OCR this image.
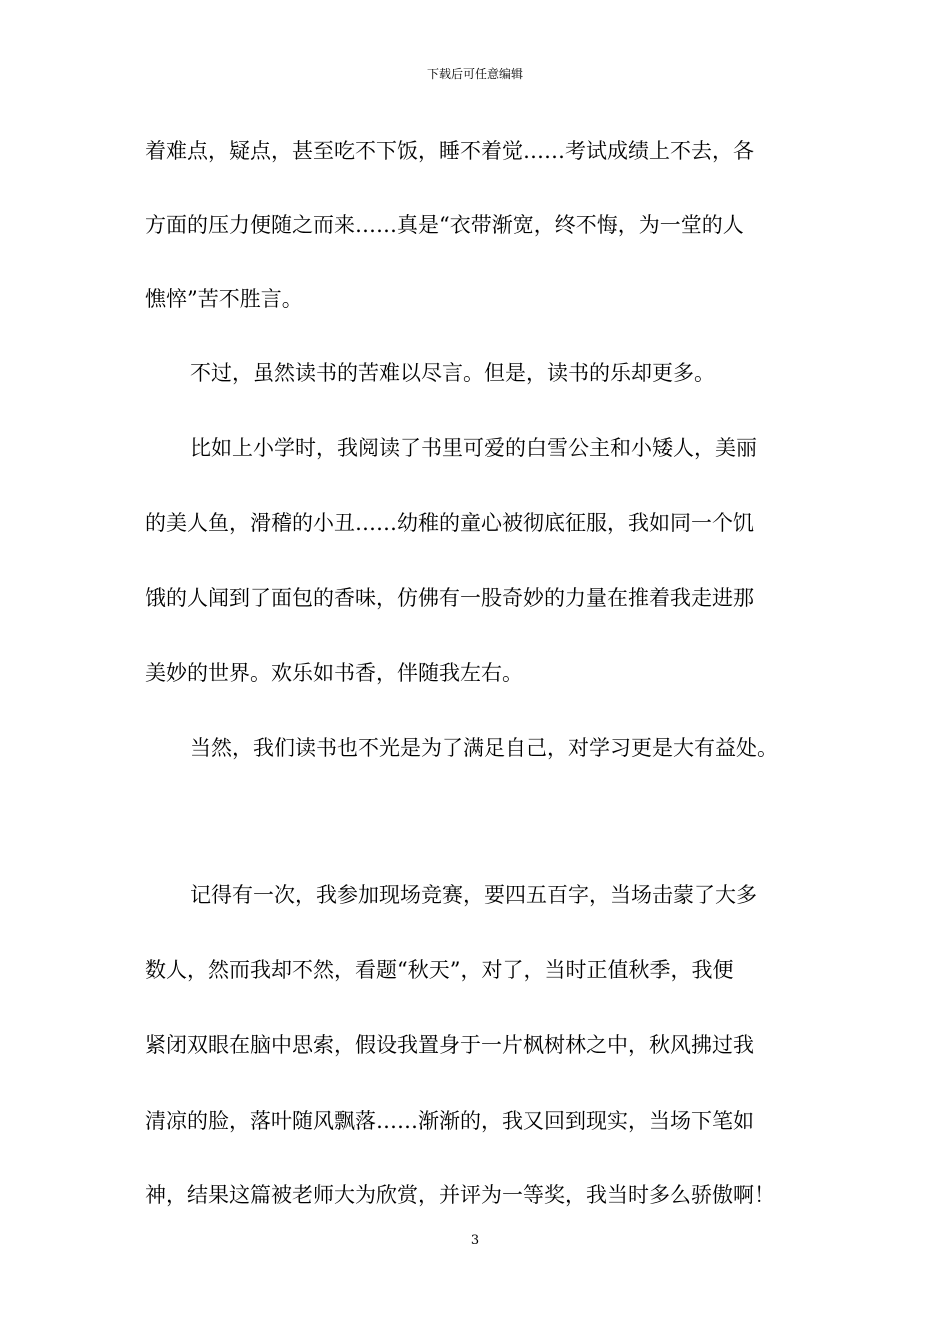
下载后可任意编辑
着难点，疑点，甚至吃不下饭，睡不着觉……考试成绩上不去，各
方面的压力便随之而来……真是“衣带渐宽，终不悔，为一堂的人
憔悴”苦不胜言。
不过，虽然读书的苦难以尽言。但是，读书的乐却更多。
比如上小学时，我阅读了书里可爱的白雪公主和小矮人，美丽
的美人鱼，滑稽的小丑……幼稚的童心被彻底征服，我如同一个饥
饿的人闻到了面包的香味，仿佛有一股奇妙的力量在推着我走进那
美妙的世界。欢乐如书香，伴随我左右。
当然，我们读书也不光是为了满足自己，对学习更是大有益处。
记得有一次，我参加现场竞赛，要四五百字，当场击蒙了大多
数人，然而我却不然，看题“秋天”，对了，当时正值秋季，我便
紧闭双眼在脑中思索，假设我置身于一片枫树林之中，秋风拂过我
清凉的脸，落叶随风飘落……渐渐的，我又回到现实，当场下笔如
神，结果这篇被老师大为欣赏，并评为一等奖，我当时多么骄傲啊！
3
